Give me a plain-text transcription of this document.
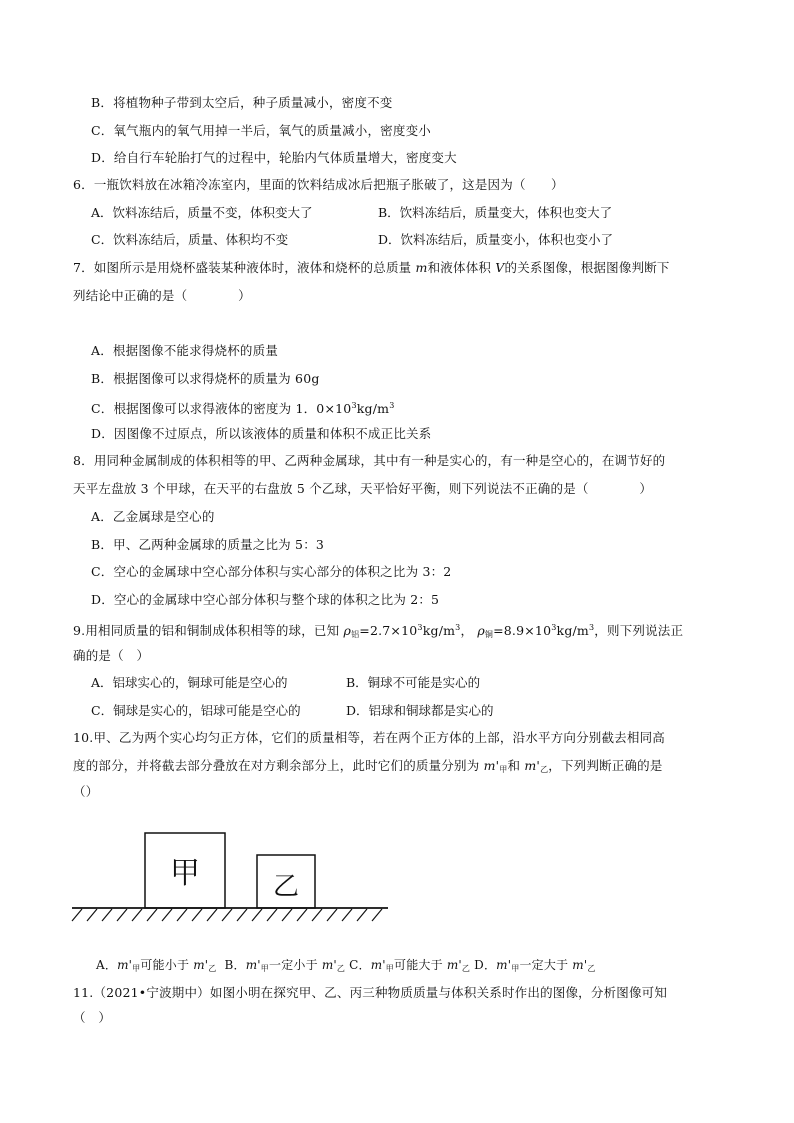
B．将植物种子带到太空后，种子质量减小，密度不变
C．氧气瓶内的氧气用掉一半后，氧气的质量减小，密度变小
D．给自行车轮胎打气的过程中，轮胎内气体质量增大，密度变大
6．一瓶饮料放在冰箱冷冻室内，里面的饮料结成冰后把瓶子胀破了，这是因为（　　）
A．饮料冻结后，质量不变，体积变大了	B．饮料冻结后，质量变大，体积也变大了
C．饮料冻结后，质量、体积均不变	D．饮料冻结后，质量变小，体积也变小了
7．如图所示是用烧杯盛装某种液体时，液体和烧杯的总质量 m和液体体积 V的关系图像，根据图像判断下
列结论中正确的是（　　　　）
A．根据图像不能求得烧杯的质量
B．根据图像可以求得烧杯的质量为 60g
C．根据图像可以求得液体的密度为 1．$0\times 10^3kg/m^3$
D．因图像不过原点，所以该液体的质量和体积不成正比关系
8．用同种金属制成的体积相等的甲、乙两种金属球，其中有一种是实心的，有一种是空心的，在调节好的
天平左盘放 3 个甲球，在天平的右盘放 5 个乙球，天平恰好平衡，则下列说法不正确的是（　　　　）
A．乙金属球是空心的
B．甲、乙两种金属球的质量之比为 5：3
C．空心的金属球中空心部分体积与实心部分的体积之比为 3：2
D．空心的金属球中空心部分体积与整个球的体积之比为 2：5
9.用相同质量的铝和铜制成体积相等的球，已知 $\rho_铝=2.7\times 10^3kg/m^3$， $\rho_铜=8.9\times 10^3kg/m^3$，则下列说法正
确的是（　）
A．铝球实心的，铜球可能是空心的	B．铜球不可能是实心的
C．铜球是实心的，铝球可能是空心的	D．铝球和铜球都是实心的
10.甲、乙为两个实心均匀正方体，它们的质量相等，若在两个正方体的上部，沿水平方向分别截去相同高
度的部分，并将截去部分叠放在对方剩余部分上，此时它们的质量分别为 $m'_甲$和 $m'_乙$，下列判断正确的是
（）
甲	乙
A．$m'_甲$可能小于 $m'_乙$ B．$m'_甲$一定小于 $m'_乙$ C．$m'_甲$可能大于 $m'_乙$ D．$m'_甲$一定大于 $m'_乙$
11.（2021•宁波期中）如图小明在探究甲、乙、丙三种物质质量与体积关系时作出的图像，分析图像可知
（　）
